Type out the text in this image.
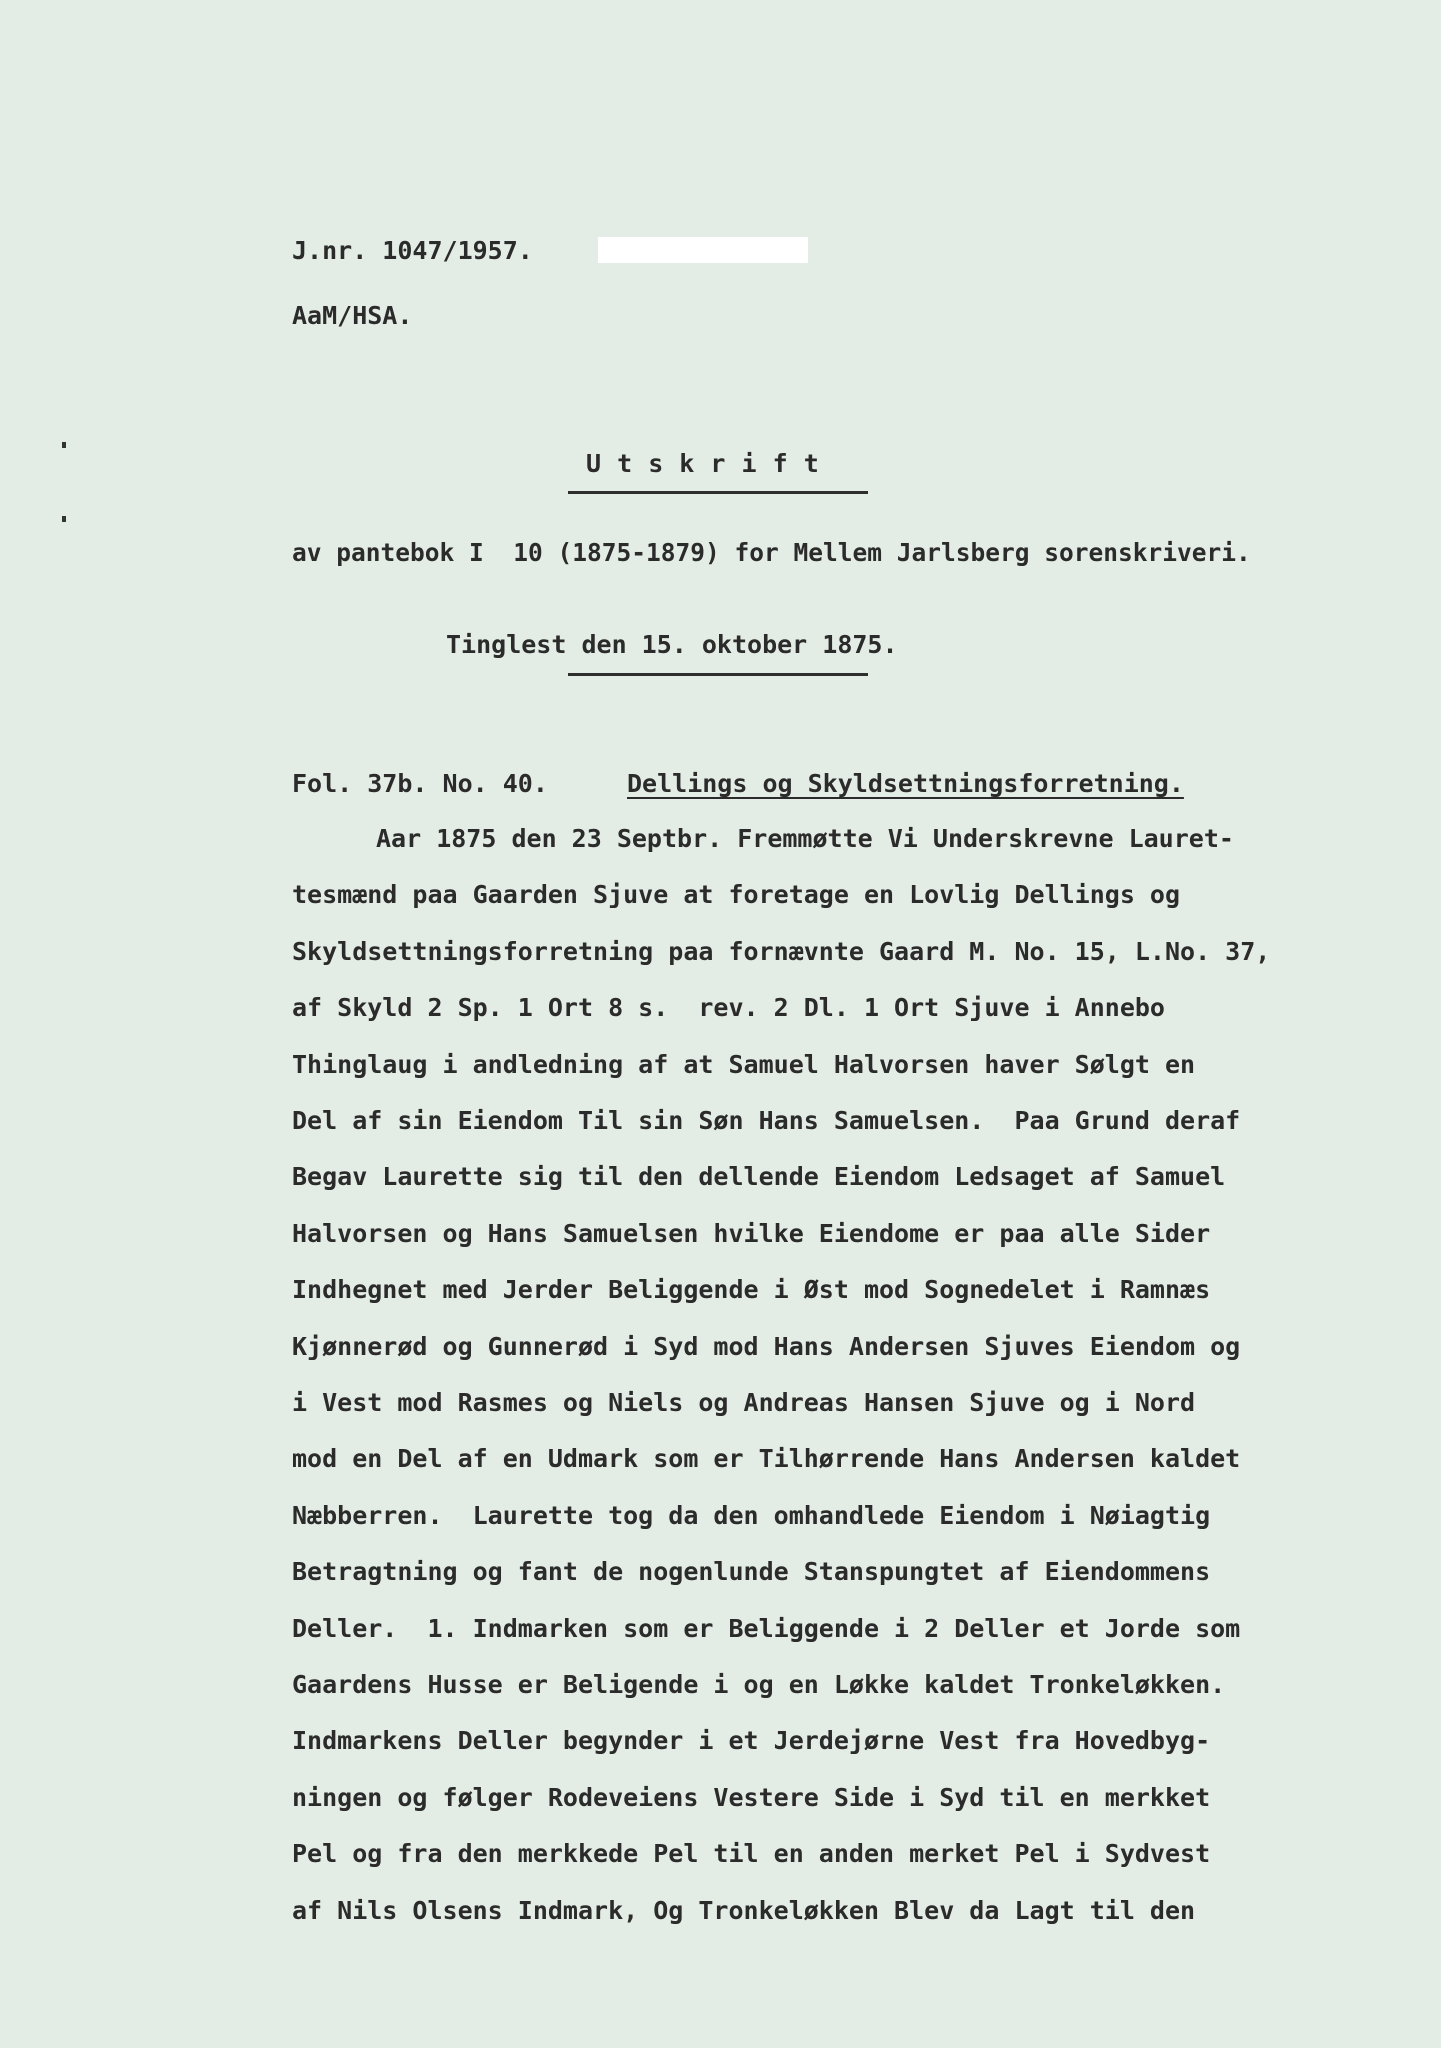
J.nr. 1047/1957.
AaM/HSA.
U t s k r i f t
av pantebok I  10 (1875-1879) for Mellem Jarlsberg sorenskriveri.
Tinglest den 15. oktober 1875.
Fol. 37b. No. 40.	Dellings og Skyldsettningsforretning.
Aar 1875 den 23 Septbr. Fremmøtte Vi Underskrevne Lauret-
tesmænd paa Gaarden Sjuve at foretage en Lovlig Dellings og
Skyldsettningsforretning paa fornævnte Gaard M. No. 15, L.No. 37,
af Skyld 2 Sp. 1 Ort 8 s.  rev. 2 Dl. 1 Ort Sjuve i Annebo
Thinglaug i andledning af at Samuel Halvorsen haver Sølgt en
Del af sin Eiendom Til sin Søn Hans Samuelsen.  Paa Grund deraf
Begav Laurette sig til den dellende Eiendom Ledsaget af Samuel
Halvorsen og Hans Samuelsen hvilke Eiendome er paa alle Sider
Indhegnet med Jerder Beliggende i Øst mod Sognedelet i Ramnæs
Kjønnerød og Gunnerød i Syd mod Hans Andersen Sjuves Eiendom og
i Vest mod Rasmes og Niels og Andreas Hansen Sjuve og i Nord
mod en Del af en Udmark som er Tilhørrende Hans Andersen kaldet
Næbberren.  Laurette tog da den omhandlede Eiendom i Nøiagtig
Betragtning og fant de nogenlunde Stanspungtet af Eiendommens
Deller.  1. Indmarken som er Beliggende i 2 Deller et Jorde som
Gaardens Husse er Beligende i og en Løkke kaldet Tronkeløkken.
Indmarkens Deller begynder i et Jerdejørne Vest fra Hovedbyg-
ningen og følger Rodeveiens Vestere Side i Syd til en merkket
Pel og fra den merkkede Pel til en anden merket Pel i Sydvest
af Nils Olsens Indmark, Og Tronkeløkken Blev da Lagt til den
